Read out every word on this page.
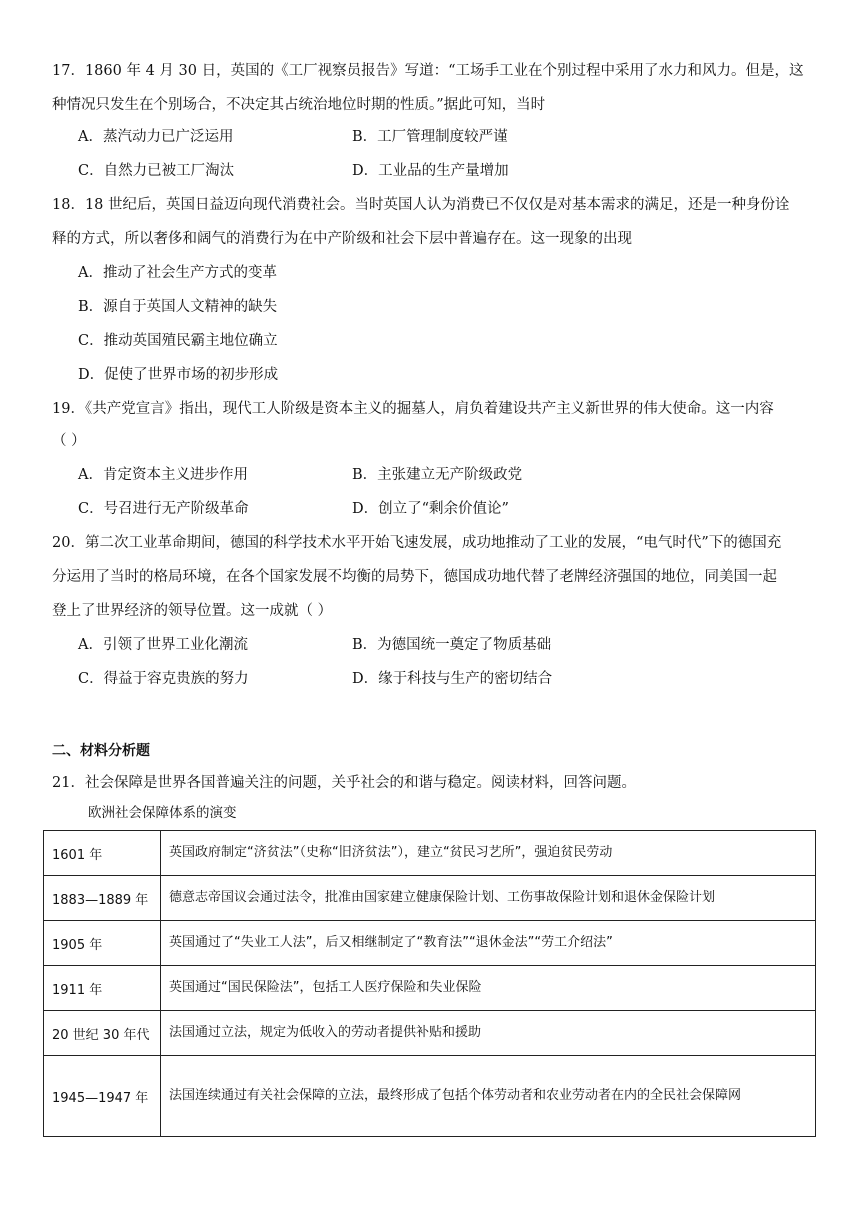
17．1860 年 4 月 30 日，英国的《工厂视察员报告》写道：“工场手工业在个别过程中采用了水力和风力。但是，这
种情况只发生在个别场合，不决定其占统治地位时期的性质。”据此可知，当时
A．蒸汽动力已广泛运用	B．工厂管理制度较严谨
C．自然力已被工厂淘汰	D．工业品的生产量增加
18．18 世纪后，英国日益迈向现代消费社会。当时英国人认为消费已不仅仅是对基本需求的满足，还是一种身份诠
释的方式，所以奢侈和阔气的消费行为在中产阶级和社会下层中普遍存在。这一现象的出现
A．推动了社会生产方式的变革
B．源自于英国人文精神的缺失
C．推动英国殖民霸主地位确立
D．促使了世界市场的初步形成
19．《共产党宣言》指出，现代工人阶级是资本主义的掘墓人，肩负着建设共产主义新世界的伟大使命。这一内容
（ ）
A．肯定资本主义进步作用	B．主张建立无产阶级政党
C．号召进行无产阶级革命	D．创立了“剩余价值论”
20．第二次工业革命期间，德国的科学技术水平开始飞速发展，成功地推动了工业的发展，“电气时代”下的德国充
分运用了当时的格局环境，在各个国家发展不均衡的局势下，德国成功地代替了老牌经济强国的地位，同美国一起
登上了世界经济的领导位置。这一成就（ ）
A．引领了世界工业化潮流	B．为德国统一奠定了物质基础
C．得益于容克贵族的努力	D．缘于科技与生产的密切结合
二、材料分析题
21．社会保障是世界各国普遍关注的问题，关乎社会的和谐与稳定。阅读材料，回答问题。
欧洲社会保障体系的演变
1601 年	英国政府制定“济贫法”（史称“旧济贫法”），建立“贫民习艺所”，强迫贫民劳动
1883—1889 年	德意志帝国议会通过法令，批准由国家建立健康保险计划、工伤事故保险计划和退休金保险计划
1905 年	英国通过了“失业工人法”，后又相继制定了“教育法”“退休金法”“劳工介绍法”
1911 年	英国通过“国民保险法”，包括工人医疗保险和失业保险
20 世纪 30 年代	法国通过立法，规定为低收入的劳动者提供补贴和援助
1945—1947 年	法国连续通过有关社会保障的立法，最终形成了包括个体劳动者和农业劳动者在内的全民社会保障网
